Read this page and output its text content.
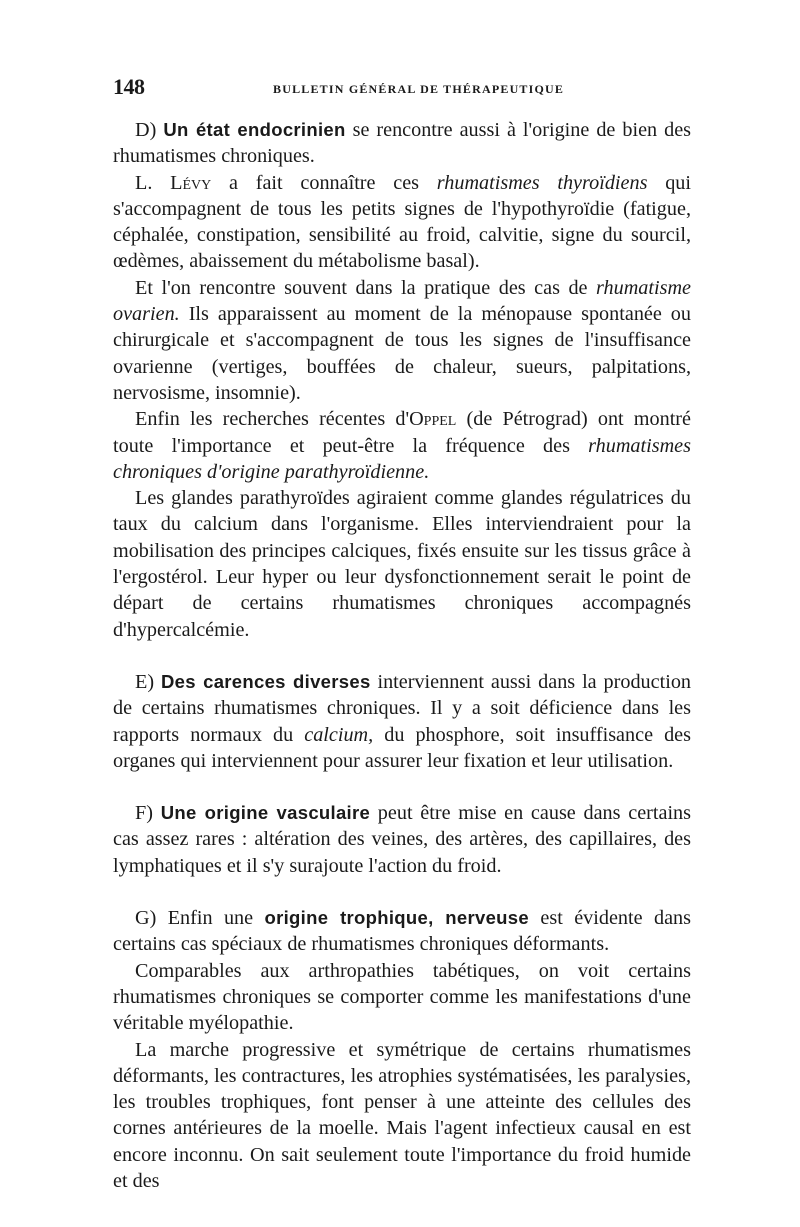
148	BULLETIN GÉNÉRAL DE THÉRAPEUTIQUE

D) Un état endocrinien se rencontre aussi à l'origine de bien des rhumatismes chroniques.

L. Lévy a fait connaître ces rhumatismes thyroïdiens qui s'accompagnent de tous les petits signes de l'hypothyroïdie (fatigue, céphalée, constipation, sensibilité au froid, calvitie, signe du sourcil, œdèmes, abaissement du métabolisme basal).

Et l'on rencontre souvent dans la pratique des cas de rhumatisme ovarien. Ils apparaissent au moment de la ménopause spontanée ou chirurgicale et s'accompagnent de tous les signes de l'insuffisance ovarienne (vertiges, bouffées de chaleur, sueurs, palpitations, nervosisme, insomnie).

Enfin les recherches récentes d'Oppel (de Pétrograd) ont montré toute l'importance et peut-être la fréquence des rhumatismes chroniques d'origine parathyroïdienne.

Les glandes parathyroïdes agiraient comme glandes régulatrices du taux du calcium dans l'organisme. Elles interviendraient pour la mobilisation des principes calciques, fixés ensuite sur les tissus grâce à l'ergostérol. Leur hyper ou leur dysfonctionnement serait le point de départ de certains rhumatismes chroniques accompagnés d'hypercalcémie.

E) Des carences diverses interviennent aussi dans la production de certains rhumatismes chroniques. Il y a soit déficience dans les rapports normaux du calcium, du phosphore, soit insuffisance des organes qui interviennent pour assurer leur fixation et leur utilisation.

F) Une origine vasculaire peut être mise en cause dans certains cas assez rares : altération des veines, des artères, des capillaires, des lymphatiques et il s'y surajoute l'action du froid.

G) Enfin une origine trophique, nerveuse est évidente dans certains cas spéciaux de rhumatismes chroniques déformants.

Comparables aux arthropathies tabétiques, on voit certains rhumatismes chroniques se comporter comme les manifestations d'une véritable myélopathie.

La marche progressive et symétrique de certains rhumatismes déformants, les contractures, les atrophies systématisées, les paralysies, les troubles trophiques, font penser à une atteinte des cellules des cornes antérieures de la moelle. Mais l'agent infectieux causal en est encore inconnu. On sait seulement toute l'importance du froid humide et des
